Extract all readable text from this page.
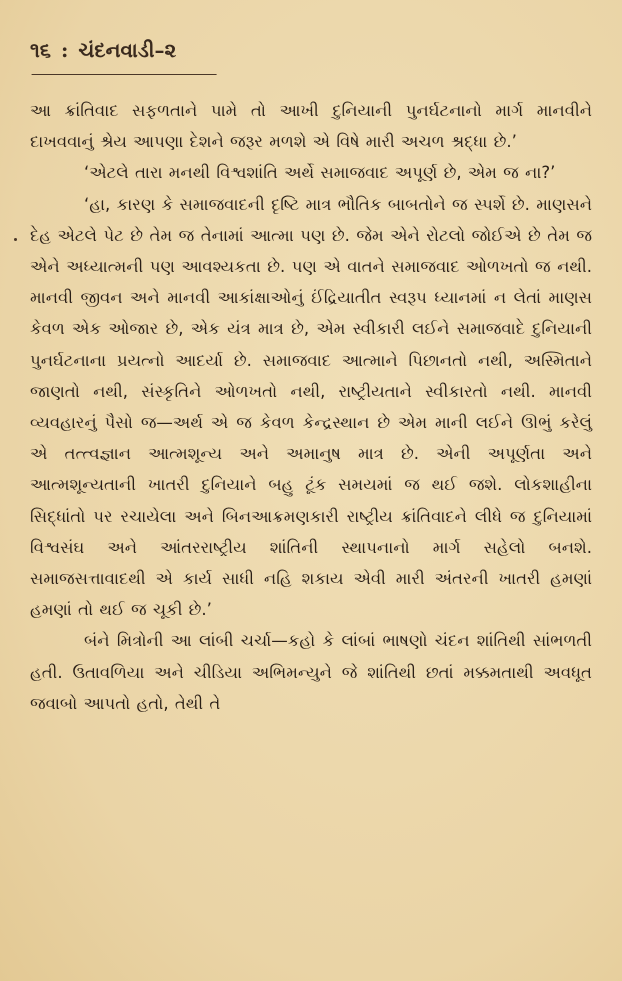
૧૬ : ચંદનવાડી–૨

આ ક્રાંતિવાદ સફળતાને પામે તો આખી દુનિયાની પુનર્ઘટનાનો માર્ગ માનવીને દાખવવાનું શ્રેય આપણા દેશને જરૂર મળશે એ વિષે મારી અચળ શ્રદ્ધા છે.’

‘એટલે તારા મનથી વિશ્વશાંતિ અર્થે સમાજવાદ અપૂર્ણ છે, એમ જ ના?’

‘હા, કારણ કે સમાજવાદની દૃષ્ટિ માત્ર ભૌતિક બાબતોને જ સ્પર્શે છે. માણસને દેહ એટલે પેટ છે તેમ જ તેનામાં આત્મા પણ છે. જેમ એને રોટલો જોઈએ છે તેમ જ એને અધ્યાત્મની પણ આવશ્યકતા છે. પણ એ વાતને સમાજવાદ ઓળખતો જ નથી. માનવી જીવન અને માનવી આકાંક્ષાઓનું ઈંદ્રિયાતીત સ્વરૂપ ધ્યાનમાં ન લેતાં માણસ કેવળ એક ઓજાર છે, એક યંત્ર માત્ર છે, એમ સ્વીકારી લઈને સમાજવાદે દુનિયાની પુનર્ઘટનાના પ્રયત્નો આદર્યા છે. સમાજવાદ આત્માને પિછાનતો નથી, અસ્મિતાને જાણતો નથી, સંસ્કૃતિને ઓળખતો નથી, રાષ્ટ્રીયતાને સ્વીકારતો નથી. માનવી વ્યવહારનું પૈસો જ—અર્થ એ જ કેવળ કેન્દ્રસ્થાન છે એમ માની લઈને ઊભું કરેલું એ તત્ત્વજ્ઞાન આત્મશૂન્ય અને અમાનુષ માત્ર છે. એની અપૂર્ણતા અને આત્મશૂન્યતાની ખાતરી દુનિયાને બહુ ટૂંક સમયમાં જ થઈ જશે. લોકશાહીના સિદ્ધાંતો પર રચાયેલા અને બિનઆક્રમણકારી રાષ્ટ્રીય ક્રાંતિવાદને લીધે જ દુનિયામાં વિશ્વસંઘ અને આંતરરાષ્ટ્રીય શાંતિની સ્થાપનાનો માર્ગ સહેલો બનશે. સમાજસત્તાવાદથી એ કાર્ય સાધી નહિ શકાય એવી મારી અંતરની ખાતરી હમણાં હમણાં તો થઈ જ ચૂકી છે.’

બંને મિત્રોની આ લાંબી ચર્ચા—કહો કે લાંબાં ભાષણો ચંદન શાંતિથી સાંભળતી હતી. ઉતાવળિયા અને ચીડિયા અભિમન્યુને જે શાંતિથી છતાં મક્કમતાથી અવધૂત જવાબો આપતો હતો, તેથી તે
